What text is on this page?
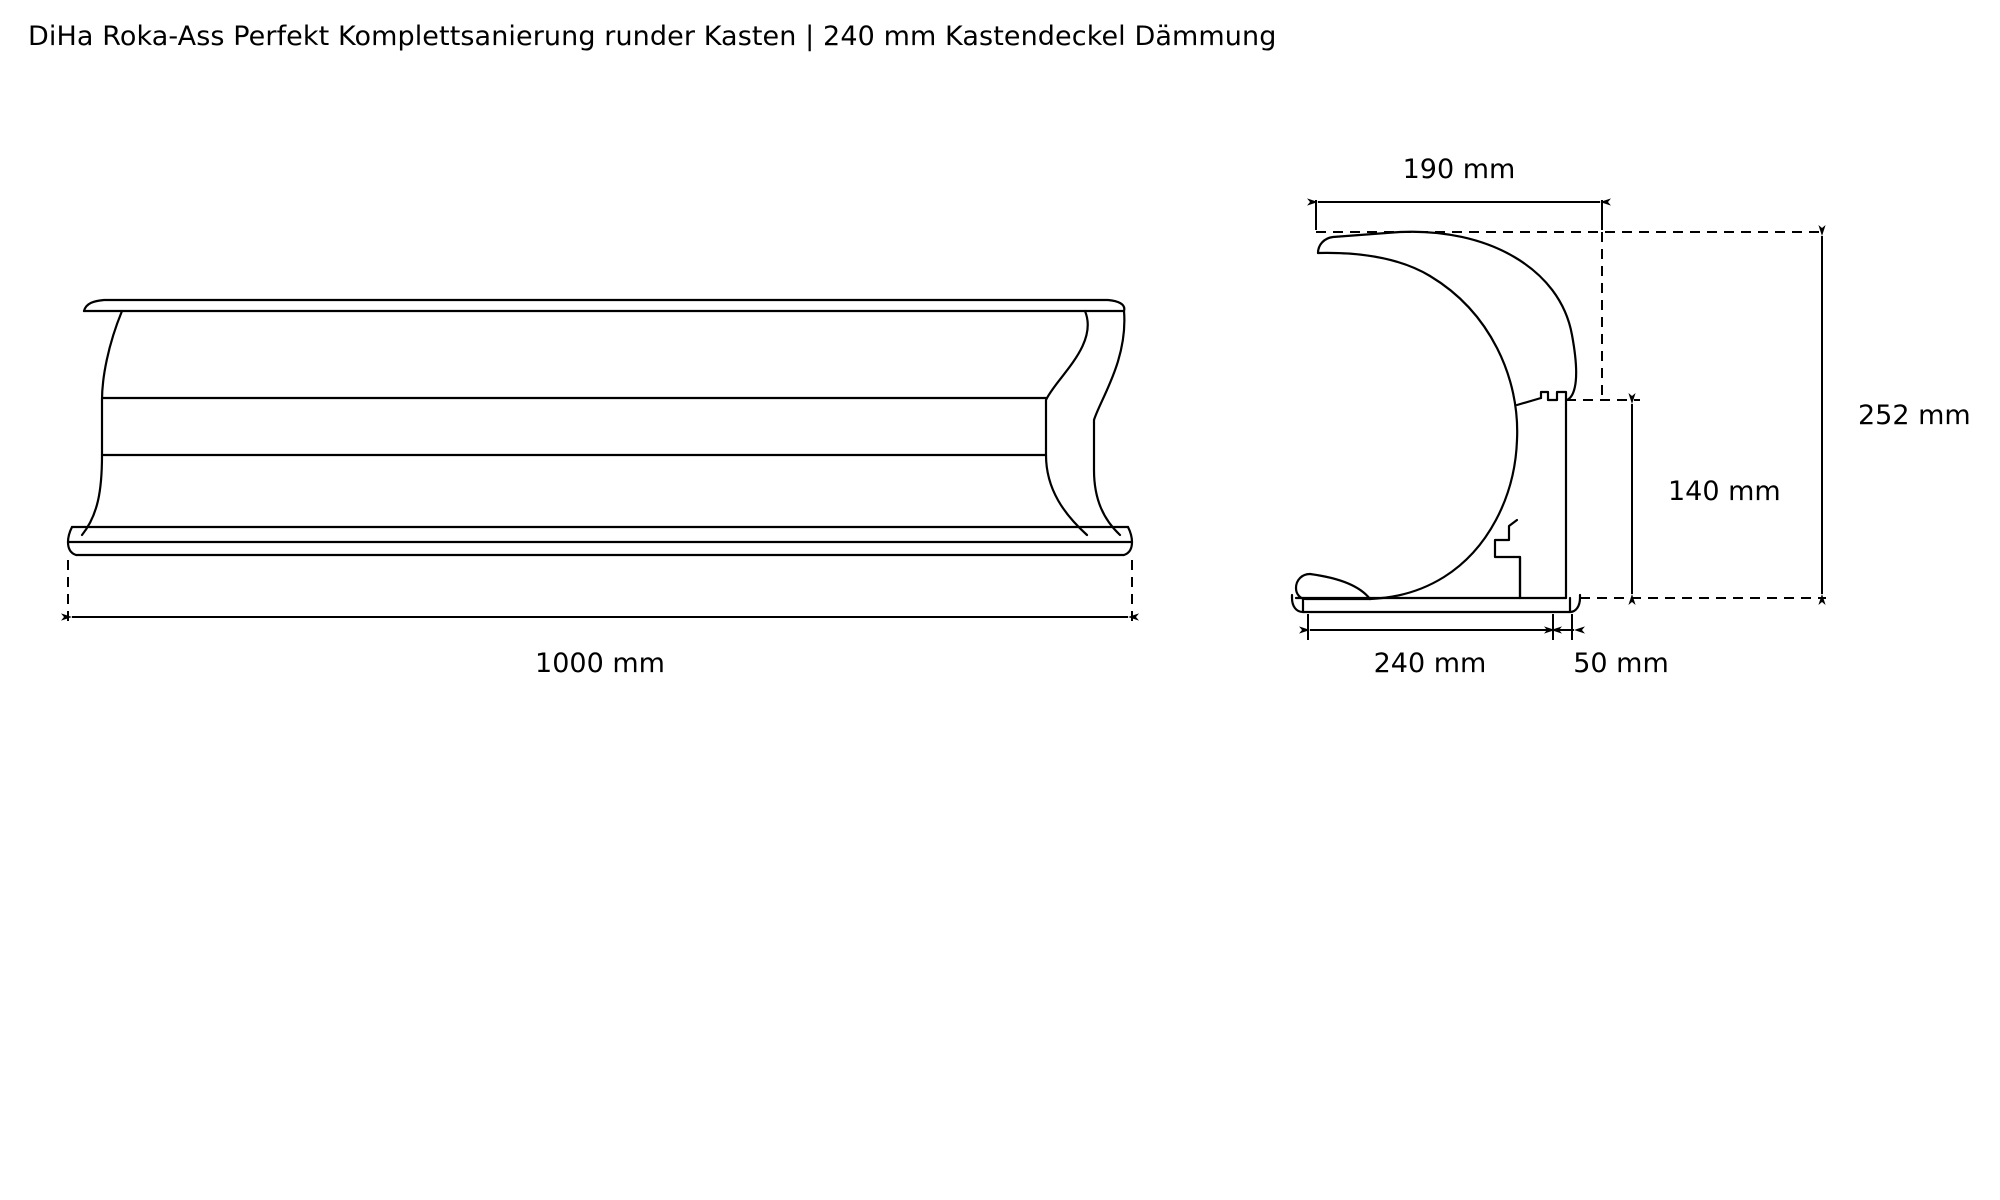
DiHa Roka-Ass Perfekt Komplettsanierung runder Kasten | 240 mm Kastendeckel Dämmung
1000 mm
190 mm
140 mm
252 mm
240 mm	50 mm
